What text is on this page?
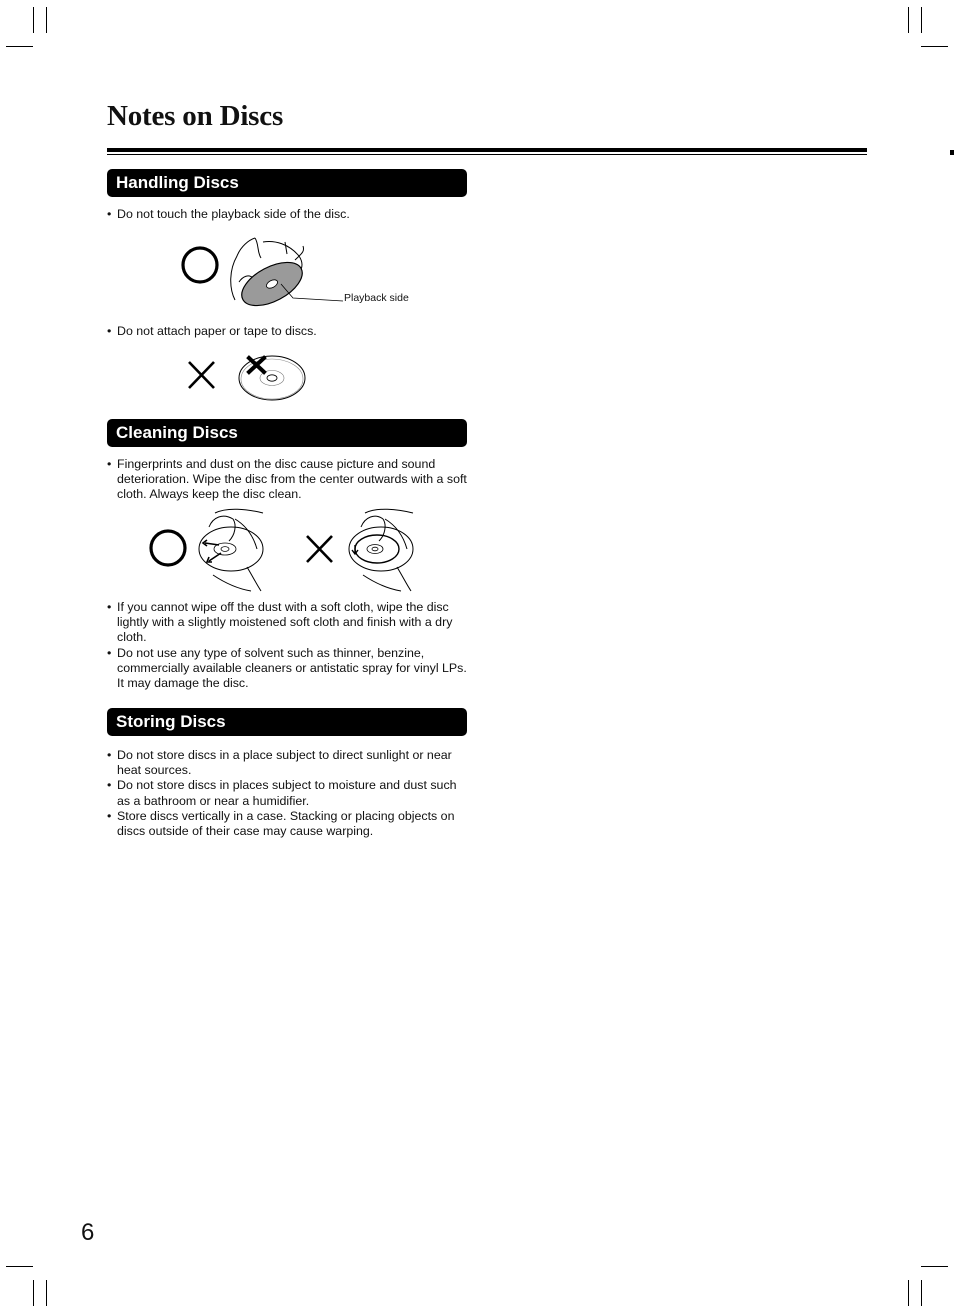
Notes on Discs
Handling Discs
• Do not touch the playback side of the disc.
Playback side
• Do not attach paper or tape to discs.
Cleaning Discs
• Fingerprints and dust on the disc cause picture and sound deterioration. Wipe the disc from the center outwards with a soft cloth. Always keep the disc clean.
• If you cannot wipe off the dust with a soft cloth, wipe the disc lightly with a slightly moistened soft cloth and finish with a dry cloth.
• Do not use any type of solvent such as thinner, benzine, commercially available cleaners or antistatic spray for vinyl LPs. It may damage the disc.
Storing Discs
• Do not store discs in a place subject to direct sunlight or near heat sources.
• Do not store discs in places subject to moisture and dust such as a bathroom or near a humidifier.
• Store discs vertically in a case. Stacking or placing objects on discs outside of their case may cause warping.
6
